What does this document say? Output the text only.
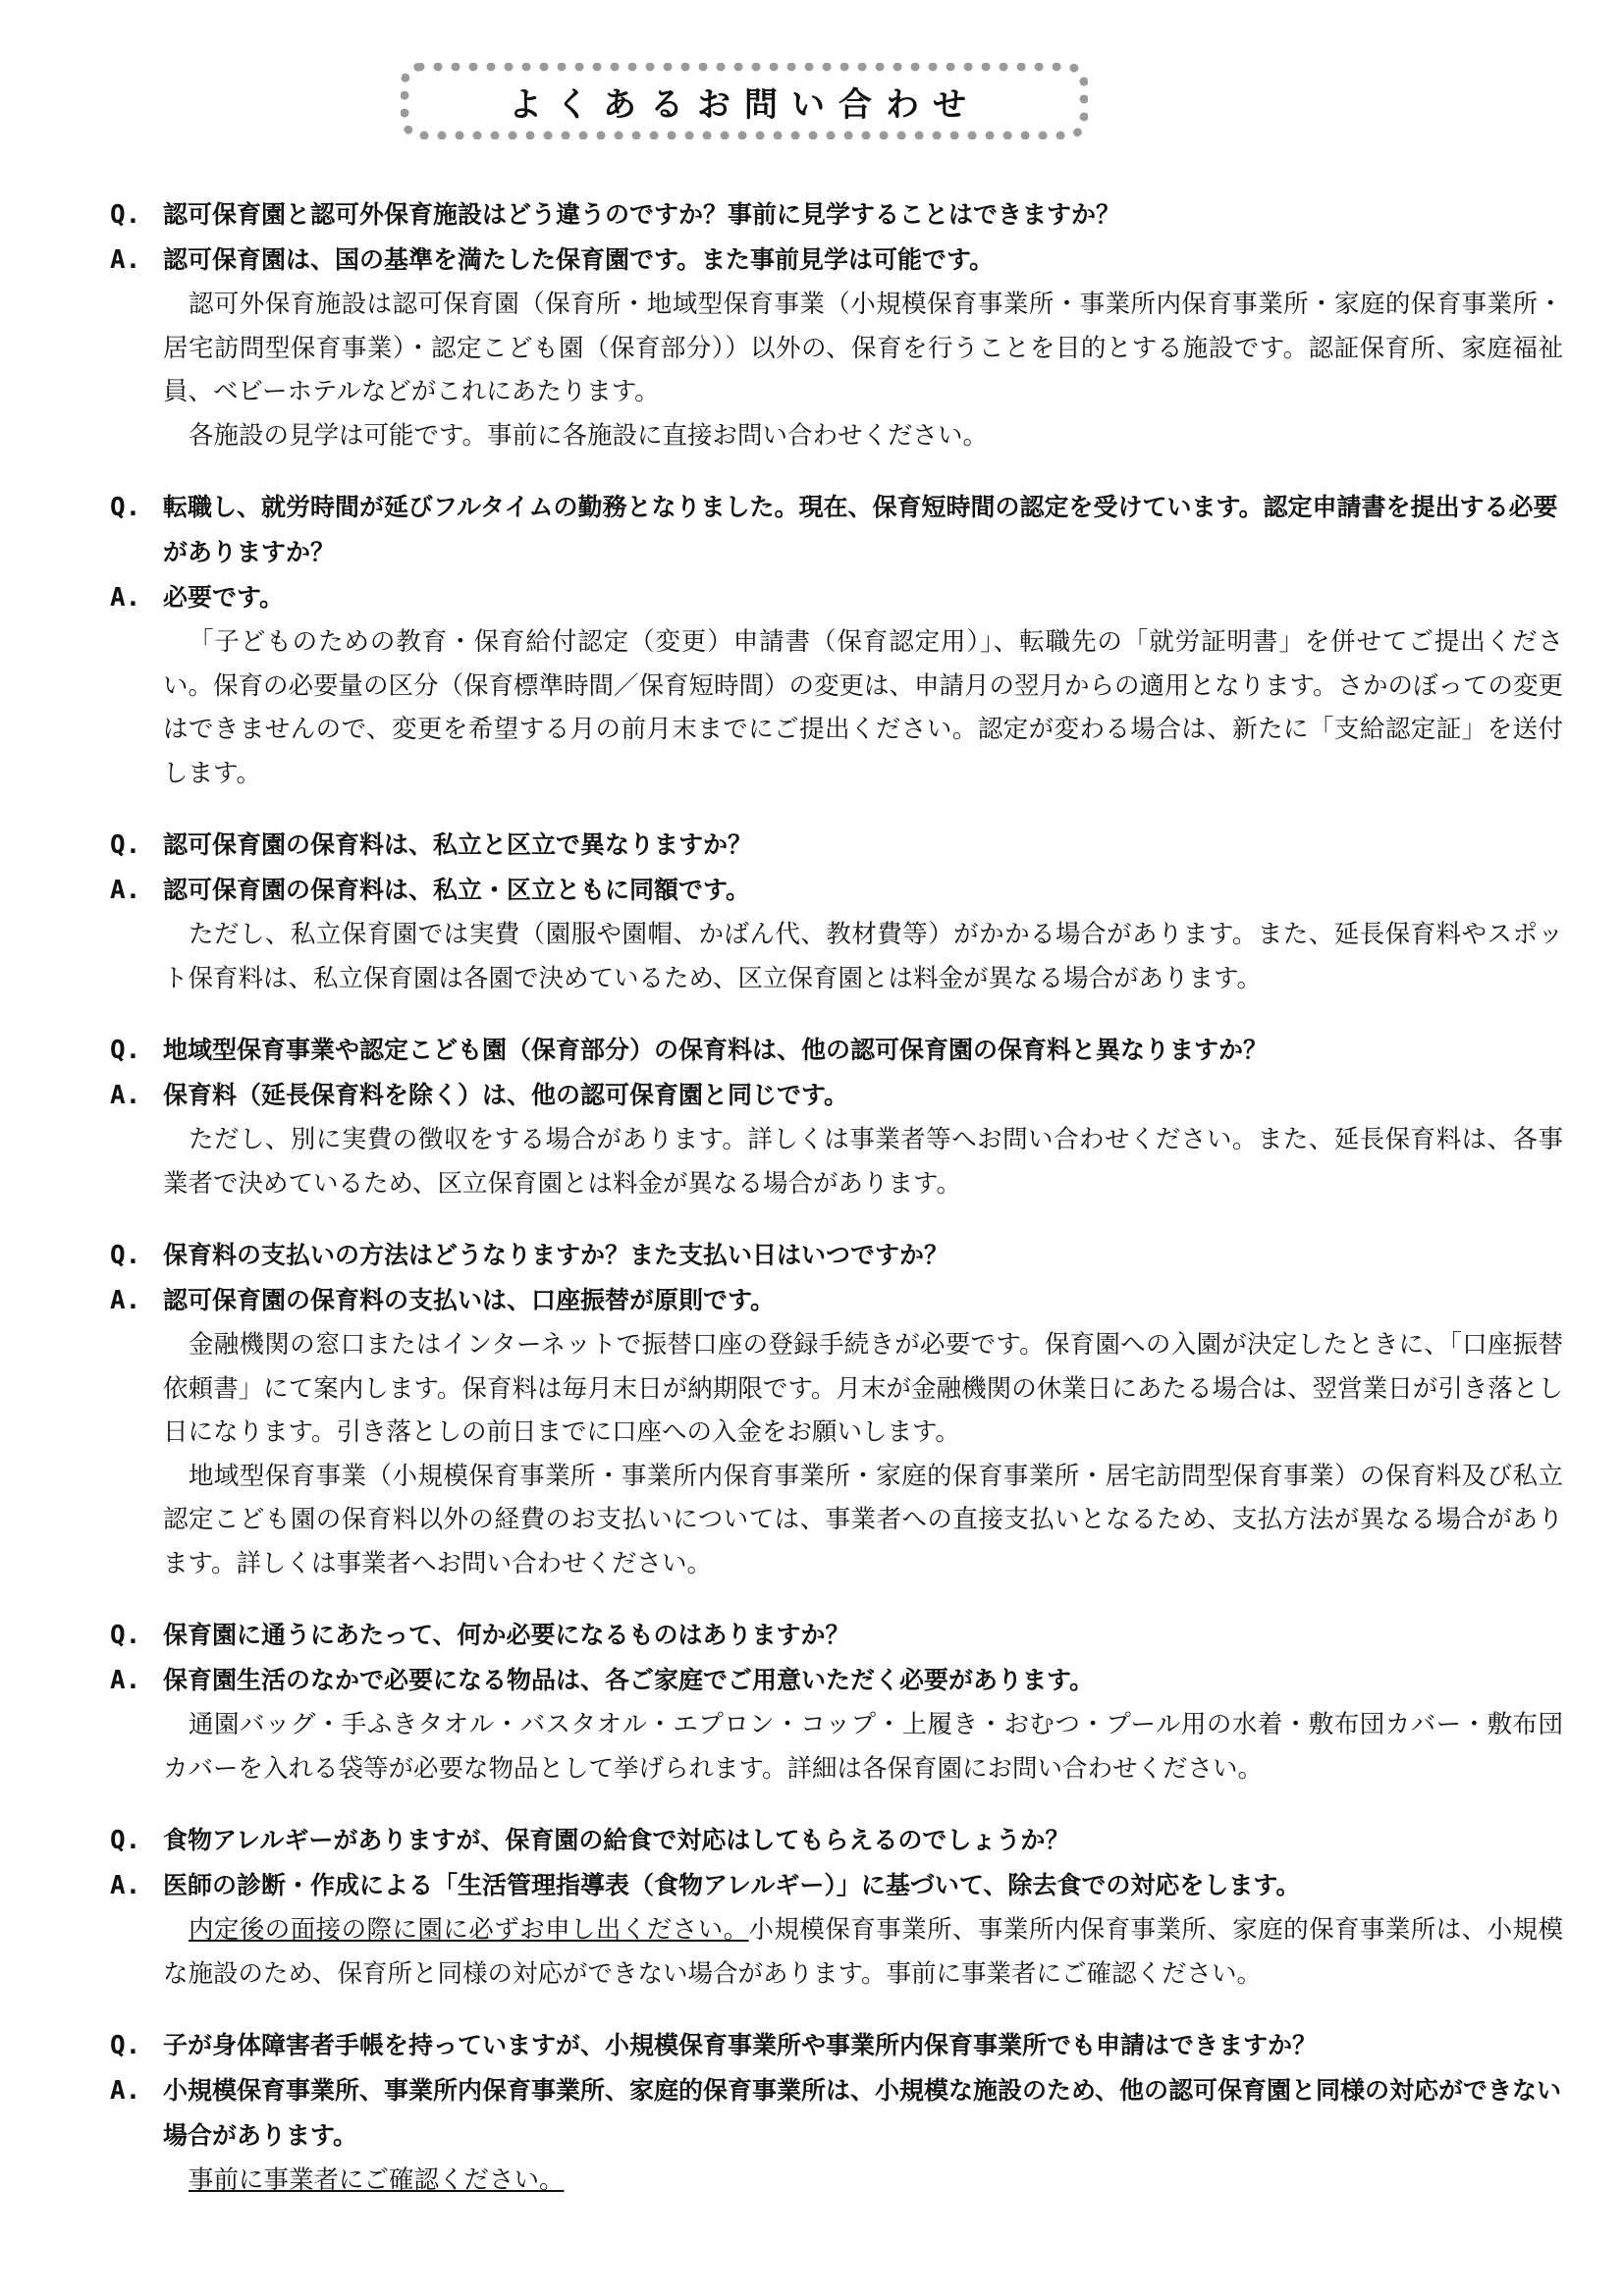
よくあるお問い合わせ
Q. 認可保育園と認可外保育施設はどう違うのですか？事前に見学することはできますか？
A. 認可保育園は、国の基準を満たした保育園です。また事前見学は可能です。
認可外保育施設は認可保育園（保育所・地域型保育事業（小規模保育事業所・事業所内保育事業所・家庭的保育事業所・居宅訪問型保育事業）・認定こども園（保育部分））以外の、保育を行うことを目的とする施設です。認証保育所、家庭福祉員、ベビーホテルなどがこれにあたります。
各施設の見学は可能です。事前に各施設に直接お問い合わせください。
Q. 転職し、就労時間が延びフルタイムの勤務となりました。現在、保育短時間の認定を受けています。認定申請書を提出する必要がありますか？
A. 必要です。
「子どものための教育・保育給付認定（変更）申請書（保育認定用）」、転職先の「就労証明書」を併せてご提出ください。保育の必要量の区分（保育標準時間／保育短時間）の変更は、申請月の翌月からの適用となります。さかのぼっての変更はできませんので、変更を希望する月の前月末までにご提出ください。認定が変わる場合は、新たに「支給認定証」を送付します。
Q. 認可保育園の保育料は、私立と区立で異なりますか？
A. 認可保育園の保育料は、私立・区立ともに同額です。
ただし、私立保育園では実費（園服や園帽、かばん代、教材費等）がかかる場合があります。また、延長保育料やスポット保育料は、私立保育園は各園で決めているため、区立保育園とは料金が異なる場合があります。
Q. 地域型保育事業や認定こども園（保育部分）の保育料は、他の認可保育園の保育料と異なりますか？
A. 保育料（延長保育料を除く）は、他の認可保育園と同じです。
ただし、別に実費の徴収をする場合があります。詳しくは事業者等へお問い合わせください。また、延長保育料は、各事業者で決めているため、区立保育園とは料金が異なる場合があります。
Q. 保育料の支払いの方法はどうなりますか？また支払い日はいつですか？
A. 認可保育園の保育料の支払いは、口座振替が原則です。
金融機関の窓口またはインターネットで振替口座の登録手続きが必要です。保育園への入園が決定したときに、「口座振替依頼書」にて案内します。保育料は毎月末日が納期限です。月末が金融機関の休業日にあたる場合は、翌営業日が引き落とし日になります。引き落としの前日までに口座への入金をお願いします。
地域型保育事業（小規模保育事業所・事業所内保育事業所・家庭的保育事業所・居宅訪問型保育事業）の保育料及び私立認定こども園の保育料以外の経費のお支払いについては、事業者への直接支払いとなるため、支払方法が異なる場合があります。詳しくは事業者へお問い合わせください。
Q. 保育園に通うにあたって、何か必要になるものはありますか？
A. 保育園生活のなかで必要になる物品は、各ご家庭でご用意いただく必要があります。
通園バッグ・手ふきタオル・バスタオル・エプロン・コップ・上履き・おむつ・プール用の水着・敷布団カバー・敷布団カバーを入れる袋等が必要な物品として挙げられます。詳細は各保育園にお問い合わせください。
Q. 食物アレルギーがありますが、保育園の給食で対応はしてもらえるのでしょうか？
A. 医師の診断・作成による「生活管理指導表（食物アレルギー）」に基づいて、除去食での対応をします。
内定後の面接の際に園に必ずお申し出ください。小規模保育事業所、事業所内保育事業所、家庭的保育事業所は、小規模な施設のため、保育所と同様の対応ができない場合があります。事前に事業者にご確認ください。
Q. 子が身体障害者手帳を持っていますが、小規模保育事業所や事業所内保育事業所でも申請はできますか？
A. 小規模保育事業所、事業所内保育事業所、家庭的保育事業所は、小規模な施設のため、他の認可保育園と同様の対応ができない場合があります。
事前に事業者にご確認ください。
